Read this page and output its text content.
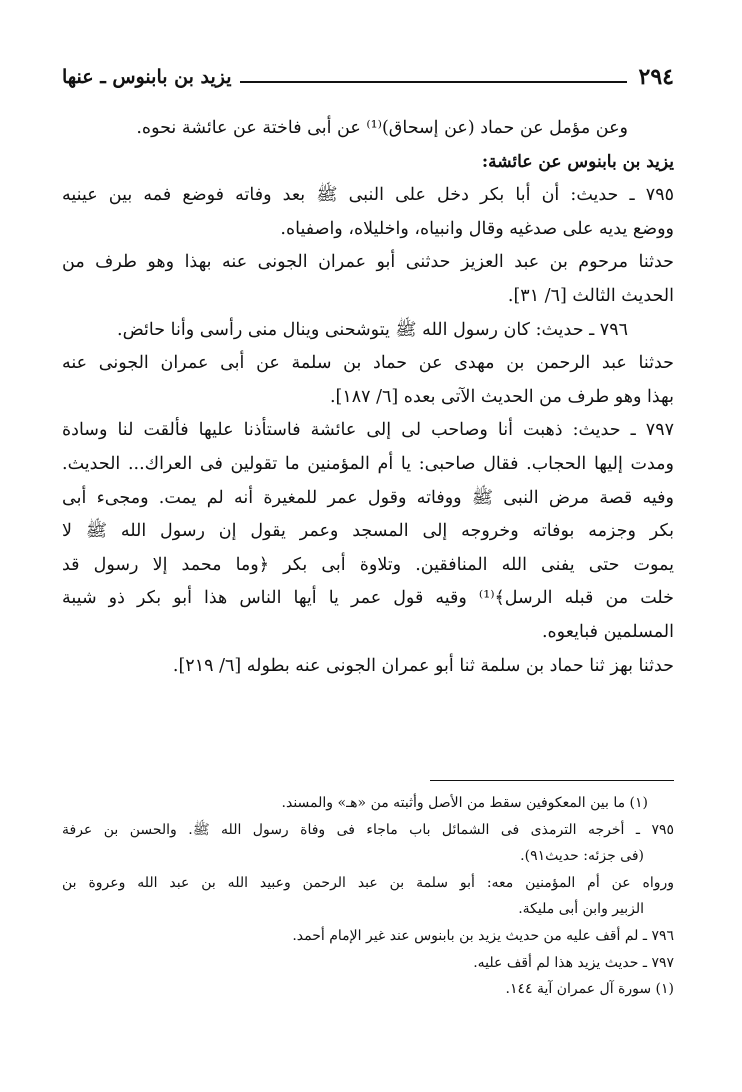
٢٩٤
يزيد بن بابنوس ـ عنها
وعن مؤمل عن حماد (عن إسحاق)⁽¹⁾ عن أبى فاختة عن عائشة نحوه.
يزيد بن بابنوس عن عائشة:
٧٩٥ ـ حديث: أن أبا بكر دخل على النبى ﷺ بعد وفاته فوضع فمه بين عينيه
ووضع يديه على صدغيه وقال وانبياه، واخليلاه، واصفياه.
حدثنا مرحوم بن عبد العزيز حدثنى أبو عمران الجونى عنه بهذا وهو طرف من
الحديث الثالث [٦/ ٣١].
٧٩٦ ـ حديث: كان رسول الله ﷺ يتوشحنى وينال منى رأسى وأنا حائض.
حدثنا عبد الرحمن بن مهدى عن حماد بن سلمة عن أبى عمران الجونى عنه
بهذا وهو طرف من الحديث الآتى بعده [٦/ ١٨٧].
٧٩٧ ـ حديث: ذهبت أنا وصاحب لى إلى عائشة فاستأذنا عليها فألقت لنا وسادة
ومدت إليها الحجاب. فقال صاحبى: يا أم المؤمنين ما تقولين فى العراك... الحديث.
وفيه قصة مرض النبى ﷺ ووفاته وقول عمر للمغيرة أنه لم يمت. ومجىء أبى
بكر وجزمه بوفاته وخروجه إلى المسجد وعمر يقول إن رسول الله ﷺ لا
يموت حتى يفنى الله المنافقين. وتلاوة أبى بكر ﴿وما محمد إلا رسول قد
خلت من قبله الرسل﴾⁽¹⁾ وقيه قول عمر يا أيها الناس هذا أبو بكر ذو شيبة
المسلمين فبايعوه.
حدثنا بهز ثنا حماد بن سلمة ثنا أبو عمران الجونى عنه بطوله [٦/ ٢١٩].
(١) ما بين المعكوفين سقط من الأصل وأثبته من «هـ» والمسند.
٧٩٥ ـ أخرجه الترمذى فى الشمائل باب ماجاء فى وفاة رسول الله ﷺ. والحسن بن عرفة
(فى جزئه: حديث٩١).
ورواه عن أم المؤمنين معه: أبو سلمة بن عبد الرحمن وعبيد الله بن عبد الله وعروة بن
الزبير وابن أبى مليكة.
٧٩٦ ـ لم أقف عليه من حديث يزيد بن بابنوس عند غير الإمام أحمد.
٧٩٧ ـ حديث يزيد هذا لم أقف عليه.
(١) سورة آل عمران آية ١٤٤.
